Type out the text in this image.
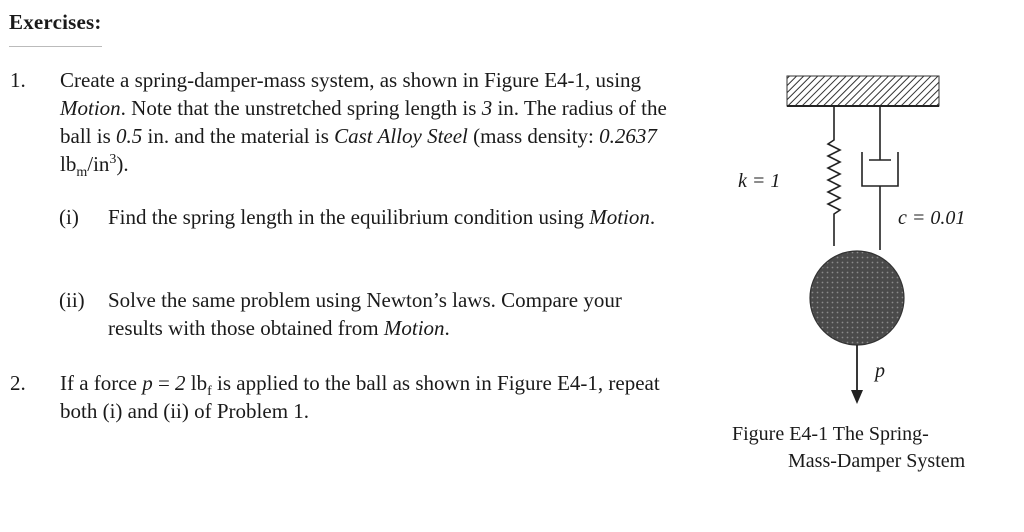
Exercises:
1. Create a spring-damper-mass system, as shown in Figure E4-1, using Motion. Note that the unstretched spring length is 3 in. The radius of the ball is 0.5 in. and the material is Cast Alloy Steel (mass density: 0.2637 $lb_m/in^3$).
(i) Find the spring length in the equilibrium condition using Motion.
(ii) Solve the same problem using Newton’s laws. Compare your results with those obtained from Motion.
2. If a force p = 2 $lb_f$ is applied to the ball as shown in Figure E4-1, repeat both (i) and (ii) of Problem 1.
k = 1
c = 0.01
p
Figure E4-1 The Spring-
Mass-Damper System
